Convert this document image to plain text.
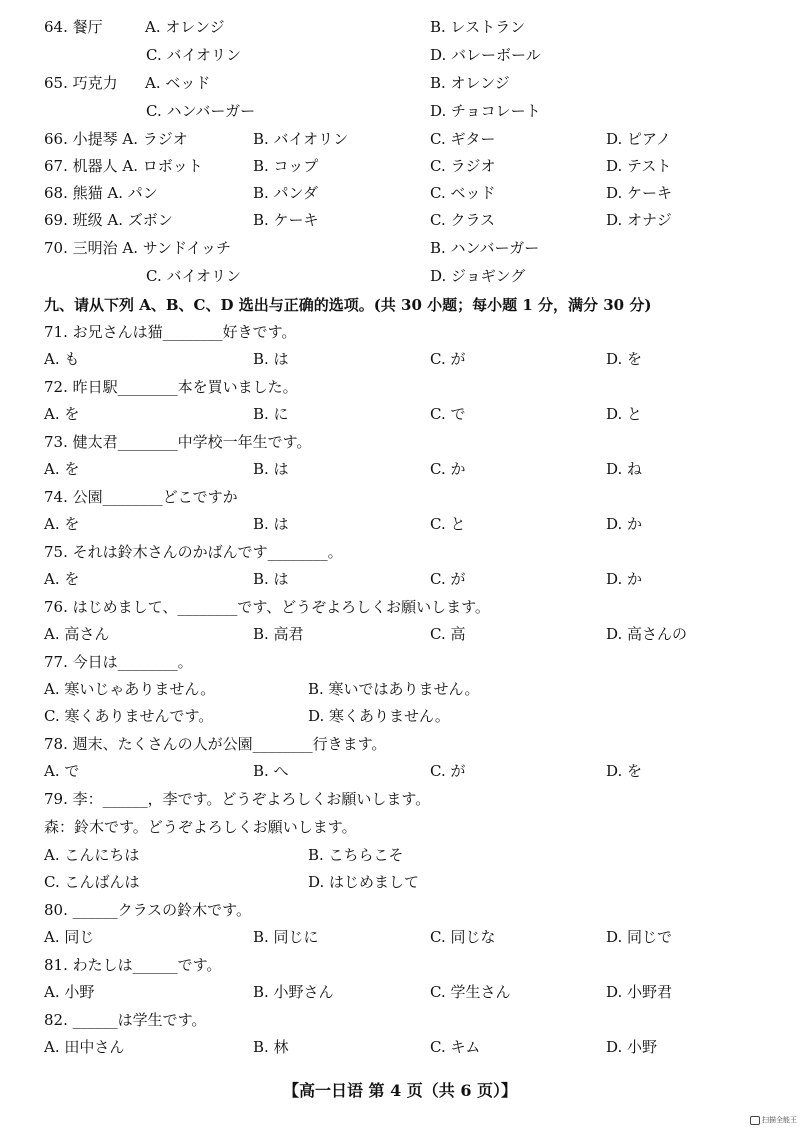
64. 餐厅	A. オレンジ	B. レストラン
C. バイオリン	D. バレーボール
65. 巧克力 A. ベッド	B. オレンジ
C. ハンバーガー	D. チョコレート
66. 小提琴 A. ラジオ	B. バイオリン	C. ギター	D. ピアノ
67. 机器人 A. ロボット	B. コップ	C. ラジオ	D. テスト
68. 熊猫 A. パン	B. パンダ	C. ベッド	D. ケーキ
69. 班级 A. ズボン	B. ケーキ	C. クラス	D. オナジ
70. 三明治 A. サンドイッチ	B. ハンバーガー
C. バイオリン	D. ジョギング
九、请从下列 A、B、C、D 选出与正确的选项。(共 30 小题；每小题 1 分，满分 30 分)
71. お兄さんは猫________好きです。
A. も	B. は	C. が	D. を
72. 昨日駅________本を買いました。
A. を	B. に	C. で	D. と
73. 健太君________中学校一年生です。
A. を	B. は	C. か	D. ね
74. 公園________どこですか
A. を	B. は	C. と	D. か
75. それは鈴木さんのかばんです________。
A. を	B. は	C. が	D. か
76. はじめまして、________です、どうぞよろしくお願いします。
A. 高さん	B. 高君	C. 高	D. 高さんの
77. 今日は________。
A. 寒いじゃありません。	B. 寒いではありません。
C. 寒くありませんです。	D. 寒くありません。
78. 週末、たくさんの人が公園________行きます。
A. で	B. へ	C. が	D. を
79. 李：______，李です。どうぞよろしくお願いします。
森：鈴木です。どうぞよろしくお願いします。
A. こんにちは	B. こちらこそ
C. こんばんは	D. はじめまして
80. ______クラスの鈴木です。
A. 同じ	B. 同じに	C. 同じな	D. 同じで
81. わたしは______です。
A. 小野	B. 小野さん	C. 学生さん	D. 小野君
82. ______は学生です。
A. 田中さん	B. 林	C. キム	D. 小野
【高一日语 第 4 页（共 6 页）】
扫描全能王
